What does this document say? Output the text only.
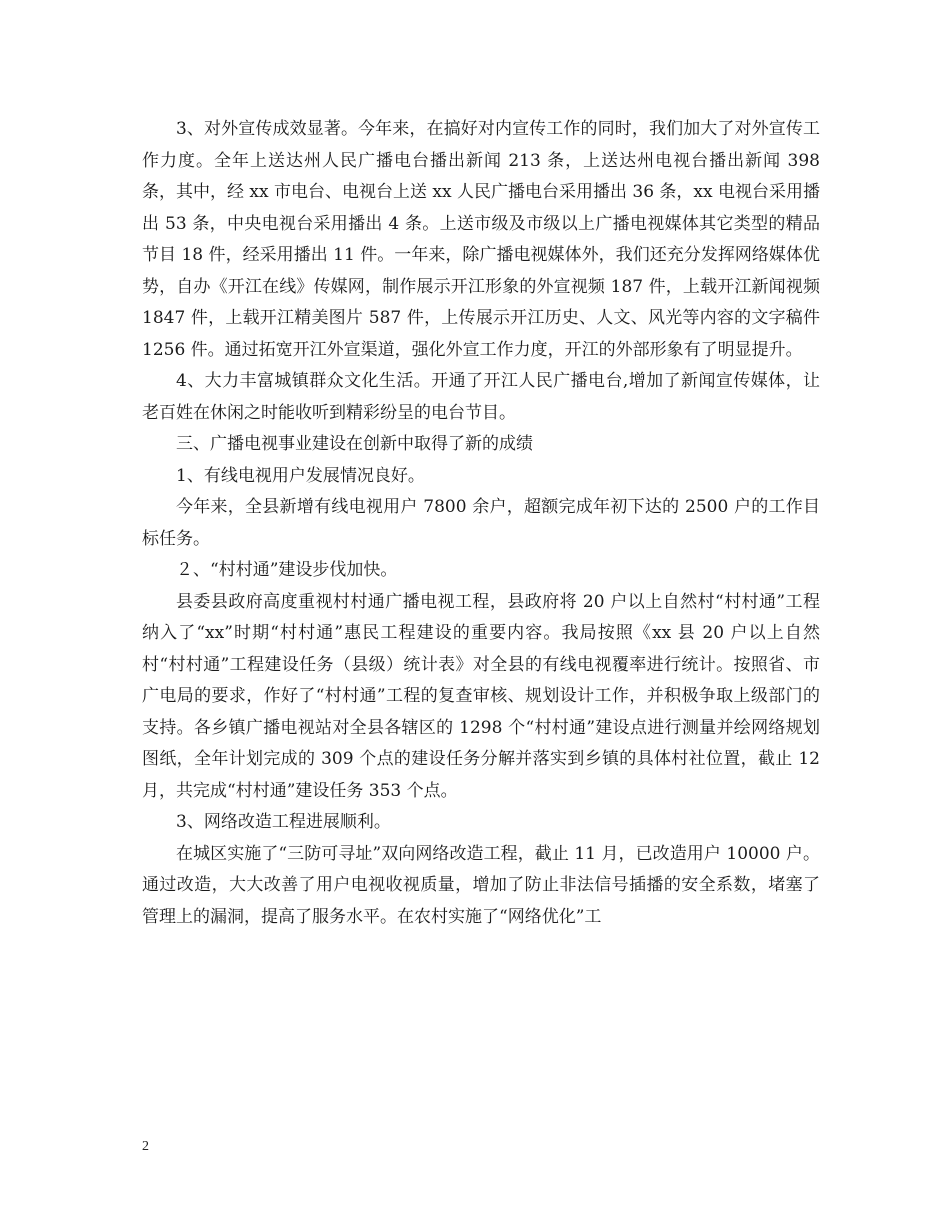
3、对外宣传成效显著。今年来，在搞好对内宣传工作的同时，我们加大了对外宣传工作力度。全年上送达州人民广播电台播出新闻 213 条，上送达州电视台播出新闻 398 条，其中，经 xx 市电台、电视台上送 xx 人民广播电台采用播出 36 条，xx 电视台采用播出 53 条，中央电视台采用播出 4 条。上送市级及市级以上广播电视媒体其它类型的精品节目 18 件，经采用播出 11 件。一年来，除广播电视媒体外，我们还充分发挥网络媒体优势，自办《开江在线》传媒网，制作展示开江形象的外宣视频 187 件，上载开江新闻视频 1847 件，上载开江精美图片 587 件，上传展示开江历史、人文、风光等内容的文字稿件 1256 件。通过拓宽开江外宣渠道，强化外宣工作力度，开江的外部形象有了明显提升。

4、大力丰富城镇群众文化生活。开通了开江人民广播电台,增加了新闻宣传媒体，让老百姓在休闲之时能收听到精彩纷呈的电台节目。

三、广播电视事业建设在创新中取得了新的成绩

1、有线电视用户发展情况良好。

今年来，全县新增有线电视用户 7800 余户，超额完成年初下达的 2500 户的工作目标任务。

２、“村村通”建设步伐加快。

县委县政府高度重视村村通广播电视工程，县政府将 20 户以上自然村“村村通”工程纳入了“xx”时期“村村通”惠民工程建设的重要内容。我局按照《xx 县 20 户以上自然村“村村通”工程建设任务（县级）统计表》对全县的有线电视覆率进行统计。按照省、市广电局的要求，作好了“村村通”工程的复查审核、规划设计工作，并积极争取上级部门的支持。各乡镇广播电视站对全县各辖区的 1298 个“村村通”建设点进行测量并绘网络规划图纸，全年计划完成的 309 个点的建设任务分解并落实到乡镇的具体村社位置，截止 12 月，共完成“村村通”建设任务 353 个点。

3、网络改造工程进展顺利。

在城区实施了“三防可寻址”双向网络改造工程，截止 11 月，已改造用户 10000 户。通过改造，大大改善了用户电视收视质量，增加了防止非法信号插播的安全系数，堵塞了管理上的漏洞，提高了服务水平。在农村实施了“网络优化”工

2
